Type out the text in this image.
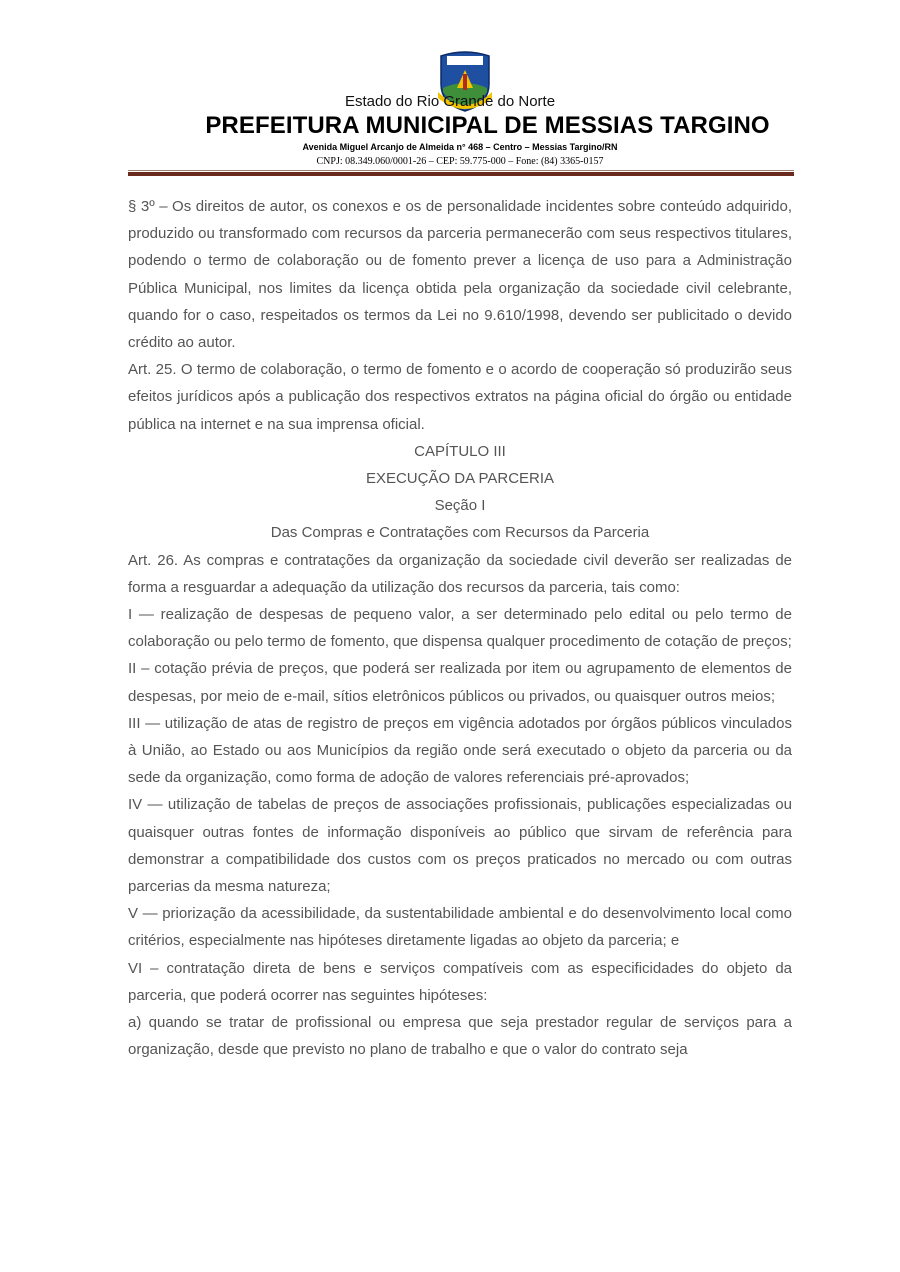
Estado do Rio Grande do Norte
PREFEITURA MUNICIPAL DE MESSIAS TARGINO
Avenida Miguel Arcanjo de Almeida n° 468 – Centro – Messias Targino/RN
CNPJ: 08.349.060/0001-26 – CEP: 59.775-000 – Fone: (84) 3365-0157

§ 3º – Os direitos de autor, os conexos e os de personalidade incidentes sobre conteúdo adquirido, produzido ou transformado com recursos da parceria permanecerão com seus respectivos titulares, podendo o termo de colaboração ou de fomento prever a licença de uso para a Administração Pública Municipal, nos limites da licença obtida pela organização da sociedade civil celebrante, quando for o caso, respeitados os termos da Lei no 9.610/1998, devendo ser publicitado o devido crédito ao autor.

Art. 25. O termo de colaboração, o termo de fomento e o acordo de cooperação só produzirão seus efeitos jurídicos após a publicação dos respectivos extratos na página oficial do órgão ou entidade pública na internet e na sua imprensa oficial.

CAPÍTULO III

EXECUÇÃO DA PARCERIA

Seção I

Das Compras e Contratações com Recursos da Parceria

Art. 26. As compras e contratações da organização da sociedade civil deverão ser realizadas de forma a resguardar a adequação da utilização dos recursos da parceria, tais como:

I — realização de despesas de pequeno valor, a ser determinado pelo edital ou pelo termo de colaboração ou pelo termo de fomento, que dispensa qualquer procedimento de cotação de preços;

II – cotação prévia de preços, que poderá ser realizada por item ou agrupamento de elementos de despesas, por meio de e-mail, sítios eletrônicos públicos ou privados, ou quaisquer outros meios;

III — utilização de atas de registro de preços em vigência adotados por órgãos públicos vinculados à União, ao Estado ou aos Municípios da região onde será executado o objeto da parceria ou da sede da organização, como forma de adoção de valores referenciais pré-aprovados;

IV — utilização de tabelas de preços de associações profissionais, publicações especializadas ou quaisquer outras fontes de informação disponíveis ao público que sirvam de referência para demonstrar a compatibilidade dos custos com os preços praticados no mercado ou com outras parcerias da mesma natureza;

V — priorização da acessibilidade, da sustentabilidade ambiental e do desenvolvimento local como critérios, especialmente nas hipóteses diretamente ligadas ao objeto da parceria; e

VI – contratação direta de bens e serviços compatíveis com as especificidades do objeto da parceria, que poderá ocorrer nas seguintes hipóteses:

a) quando se tratar de profissional ou empresa que seja prestador regular de serviços para a organização, desde que previsto no plano de trabalho e que o valor do contrato seja
